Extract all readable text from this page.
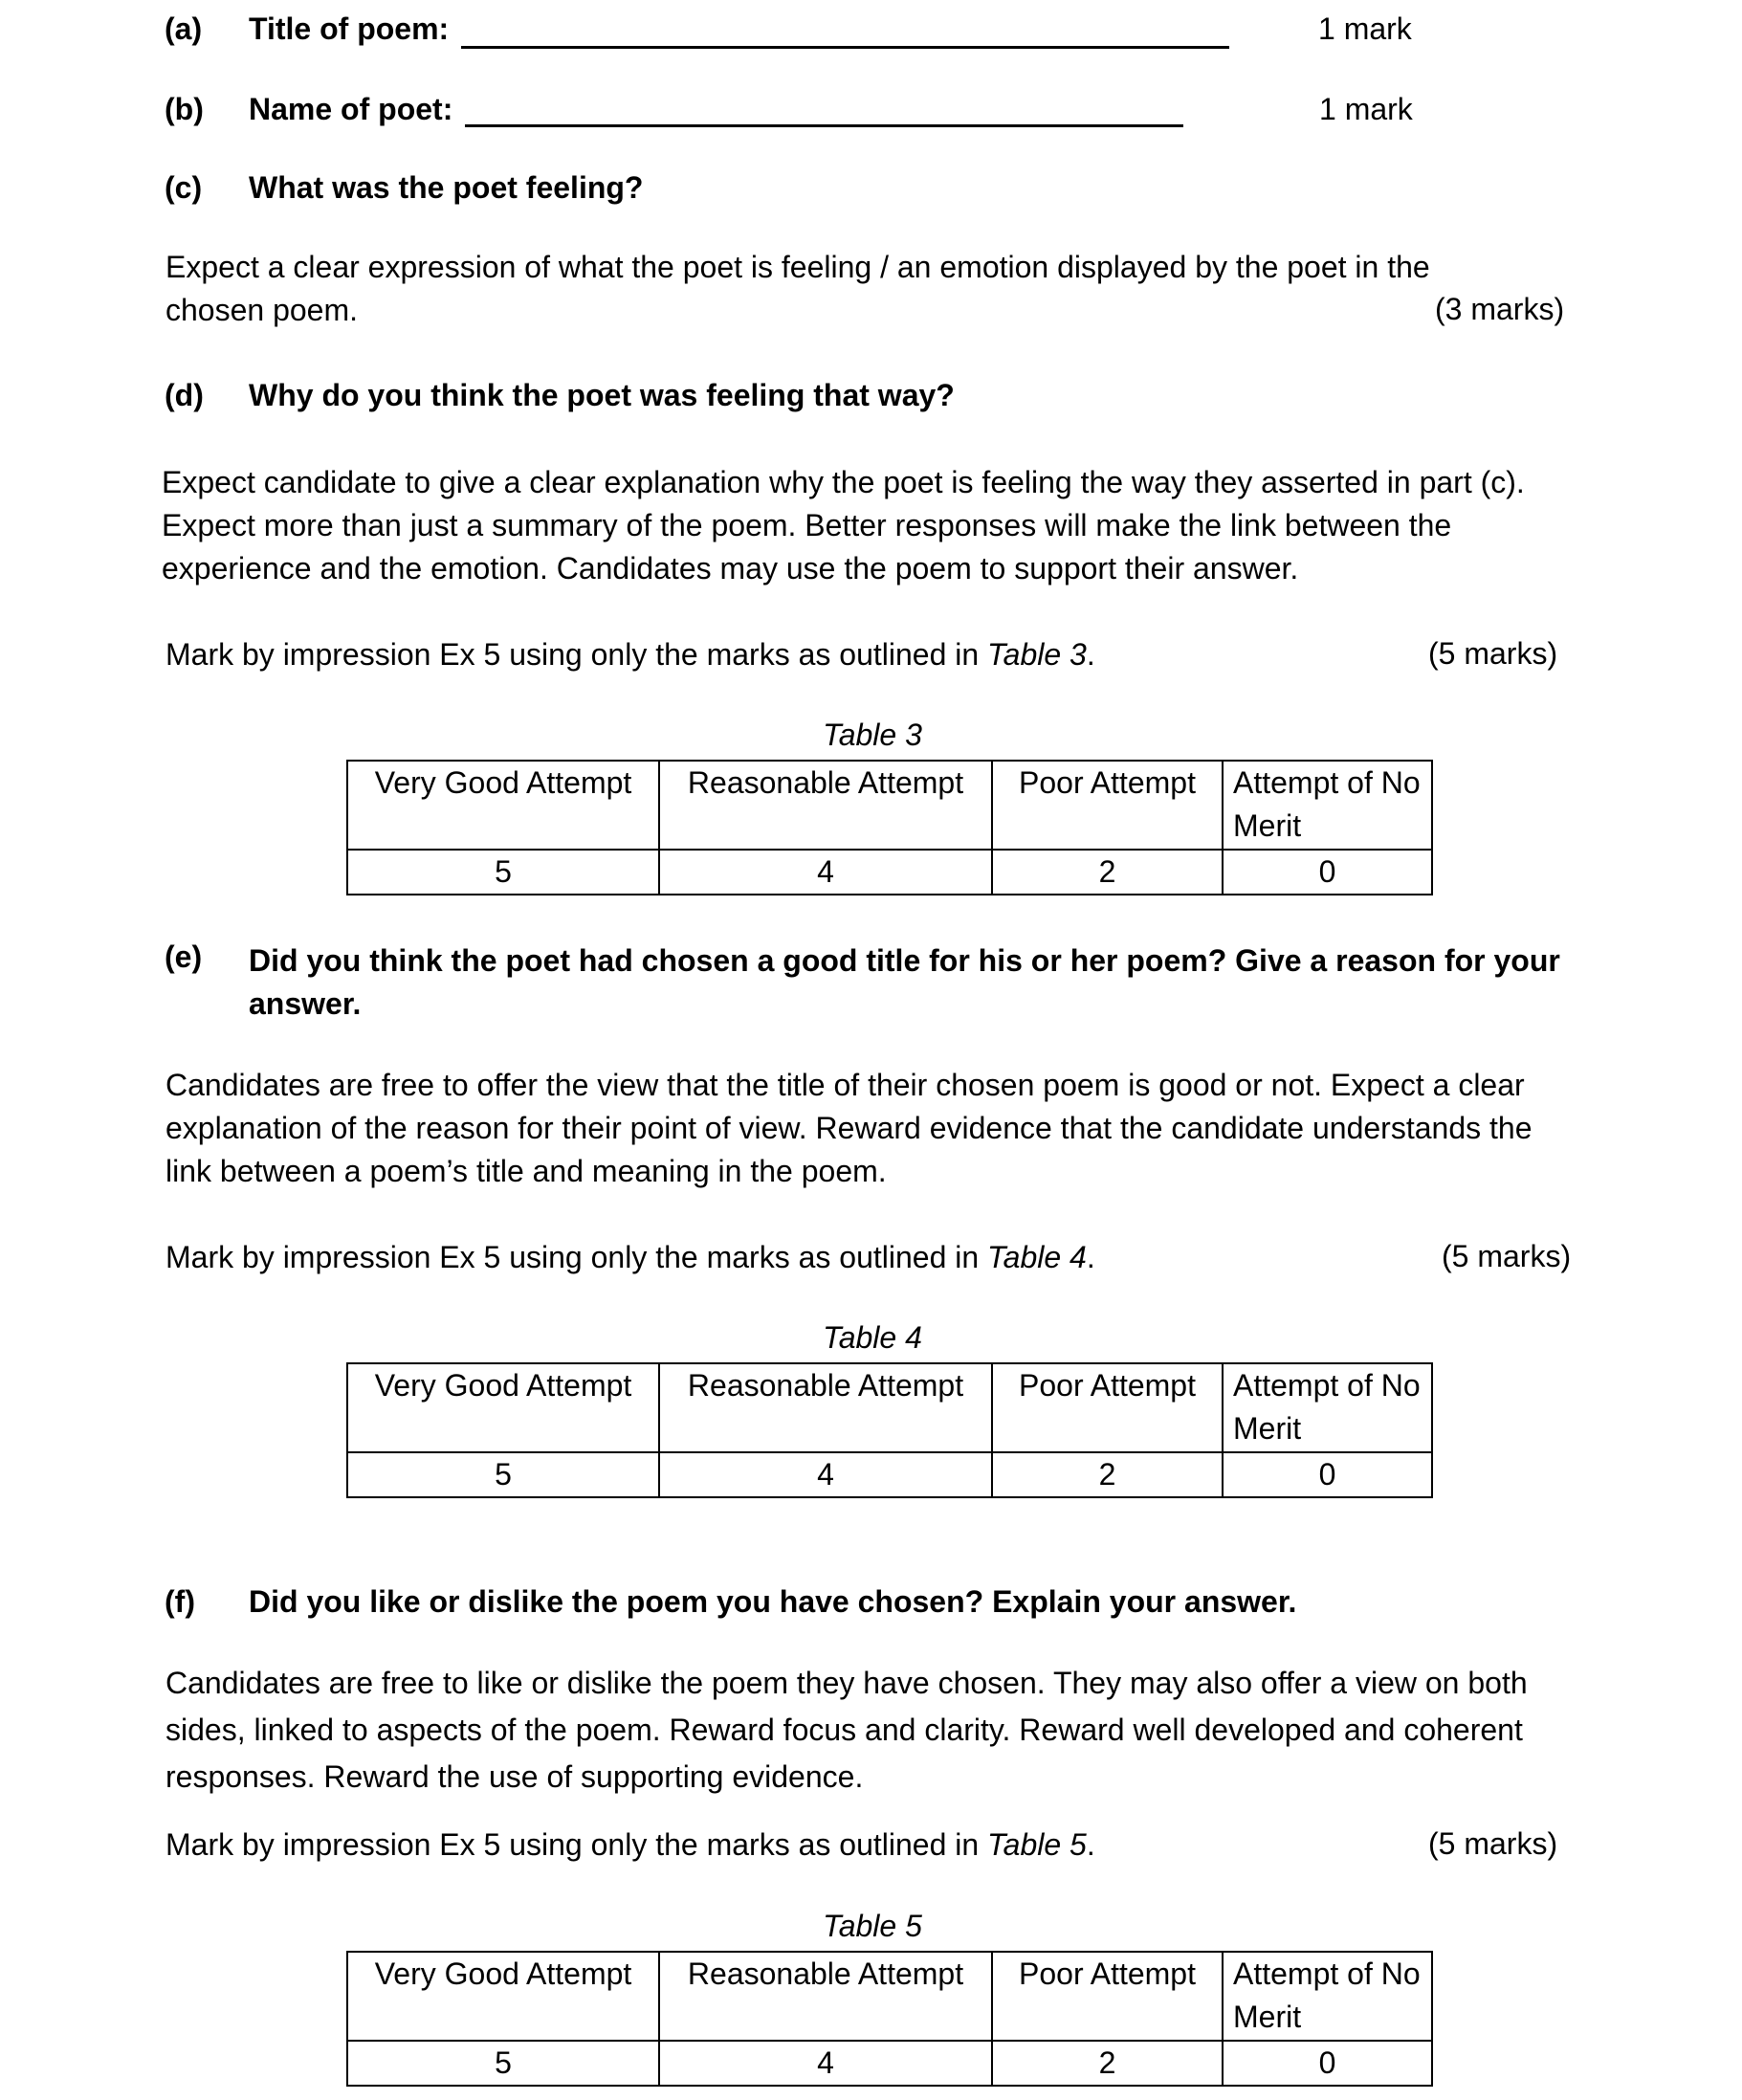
(a) Title of poem:	1 mark
(b) Name of poet:	1 mark
(c) What was the poet feeling?
Expect a clear expression of what the poet is feeling / an emotion displayed by the poet in the chosen poem.	(3 marks)
(d) Why do you think the poet was feeling that way?
Expect candidate to give a clear explanation why the poet is feeling the way they asserted in part (c). Expect more than just a summary of the poem. Better responses will make the link between the experience and the emotion. Candidates may use the poem to support their answer.
Mark by impression Ex 5 using only the marks as outlined in Table 3.	(5 marks)
Table 3
Very Good Attempt	Reasonable Attempt	Poor Attempt	Attempt of No Merit
5	4	2	0
(e) Did you think the poet had chosen a good title for his or her poem? Give a reason for your answer.
Candidates are free to offer the view that the title of their chosen poem is good or not. Expect a clear explanation of the reason for their point of view. Reward evidence that the candidate understands the link between a poem’s title and meaning in the poem.
Mark by impression Ex 5 using only the marks as outlined in Table 4.	(5 marks)
Table 4
Very Good Attempt	Reasonable Attempt	Poor Attempt	Attempt of No Merit
5	4	2	0
(f) Did you like or dislike the poem you have chosen? Explain your answer.
Candidates are free to like or dislike the poem they have chosen. They may also offer a view on both sides, linked to aspects of the poem. Reward focus and clarity. Reward well developed and coherent responses. Reward the use of supporting evidence.
Mark by impression Ex 5 using only the marks as outlined in Table 5.	(5 marks)
Table 5
Very Good Attempt	Reasonable Attempt	Poor Attempt	Attempt of No Merit
5	4	2	0
